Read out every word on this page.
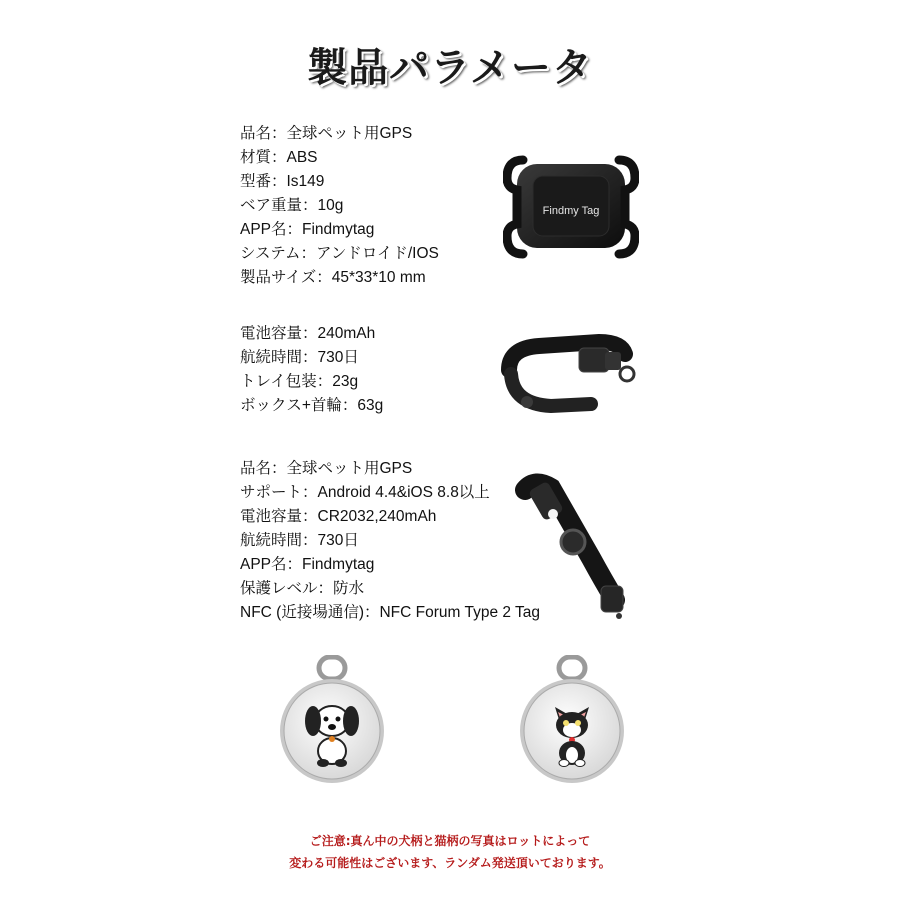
製品パラメータ
品名：全球ペット用GPS
材質：ABS
型番：Is149
ベア重量：10g
APP名：Findmytag
システム：アンドロイド/IOS
製品サイズ：45*33*10 mm
電池容量：240mAh
航続時間：730日
トレイ包装：23g
ボックス+首輪：63g
品名：全球ペット用GPS
サポート：Android 4.4&iOS 8.8以上
電池容量：CR2032,240mAh
航続時間：730日
APP名：Findmytag
保護レベル：防水
NFC (近接場通信)：NFC Forum Type 2 Tag
Findmy Tag
ご注意:真ん中の犬柄と猫柄の写真はロットによって
変わる可能性はございます、ランダム発送頂いております。
